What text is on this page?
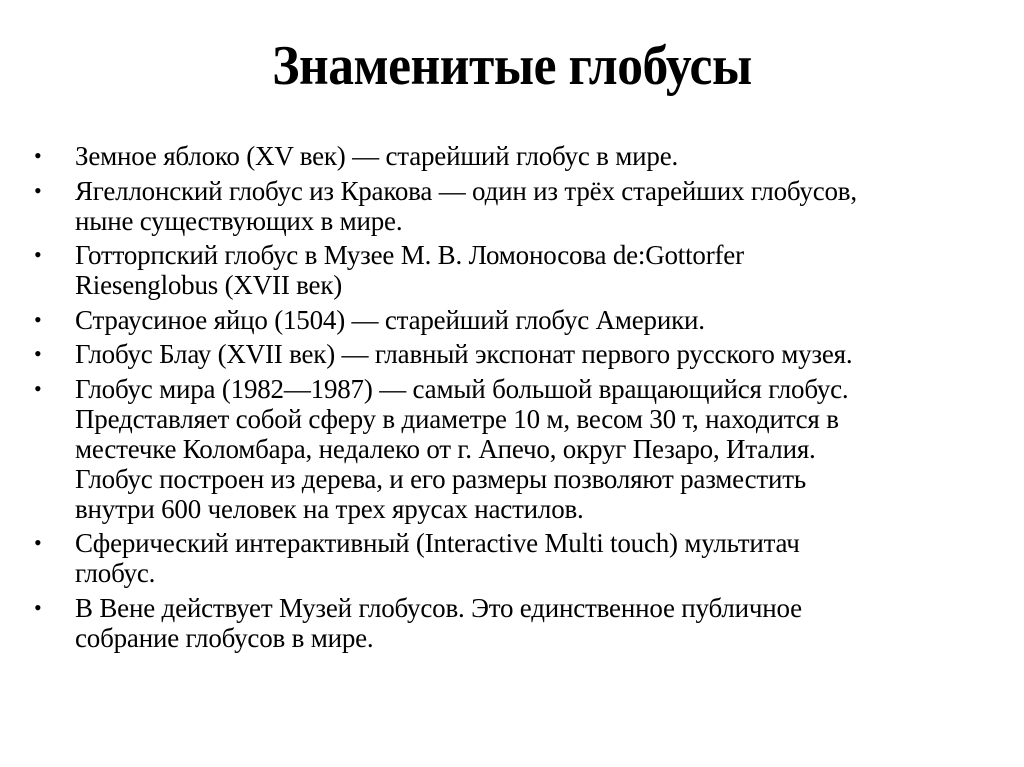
Знаменитые глобусы
• Земное яблоко (XV век) — старейший глобус в мире.
• Ягеллонский глобус из Кракова — один из трёх старейших глобусов,
ныне существующих в мире.
• Готторпский глобус в Музее М. В. Ломоносова de:Gottorfer
Riesenglobus (XVII век)
• Страусиное яйцо (1504) — старейший глобус Америки.
• Глобус Блау (XVII век) — главный экспонат первого русского музея.
• Глобус мира (1982—1987) — самый большой вращающийся глобус.
Представляет собой сферу в диаметре 10 м, весом 30 т, находится в
местечке Коломбара, недалеко от г. Апечо, округ Пезаро, Италия.
Глобус построен из дерева, и его размеры позволяют разместить
внутри 600 человек на трех ярусах настилов.
• Сферический интерактивный (Interactive Multi touch) мультитач
глобус.
• В Вене действует Музей глобусов. Это единственное публичное
собрание глобусов в мире.
